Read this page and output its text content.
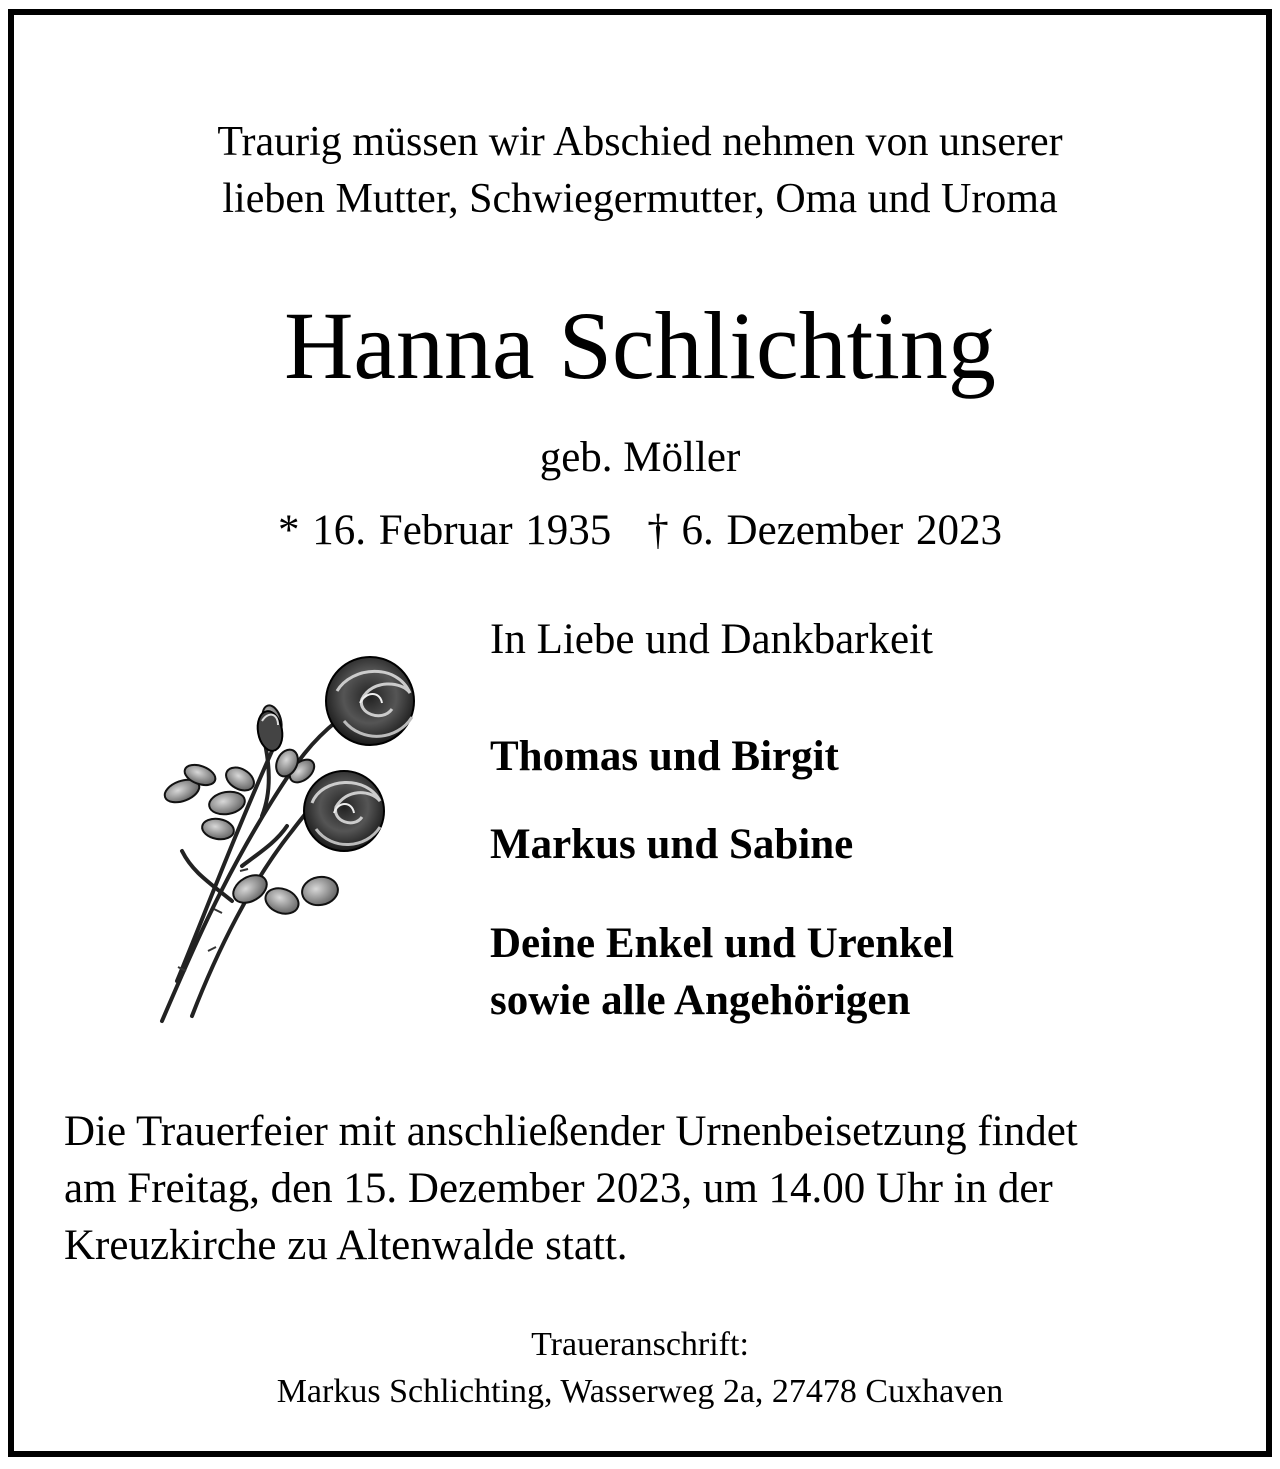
Traurig müssen wir Abschied nehmen von unserer
lieben Mutter, Schwiegermutter, Oma und Uroma
Hanna Schlichting
geb. Möller
* 16. Februar 1935 † 6. Dezember 2023
In Liebe und Dankbarkeit
Thomas und Birgit
Markus und Sabine
Deine Enkel und Urenkel
sowie alle Angehörigen
Die Trauerfeier mit anschließender Urnenbeisetzung findet
am Freitag, den 15. Dezember 2023, um 14.00 Uhr in der
Kreuzkirche zu Altenwalde statt.
Traueranschrift:
Markus Schlichting, Wasserweg 2a, 27478 Cuxhaven
